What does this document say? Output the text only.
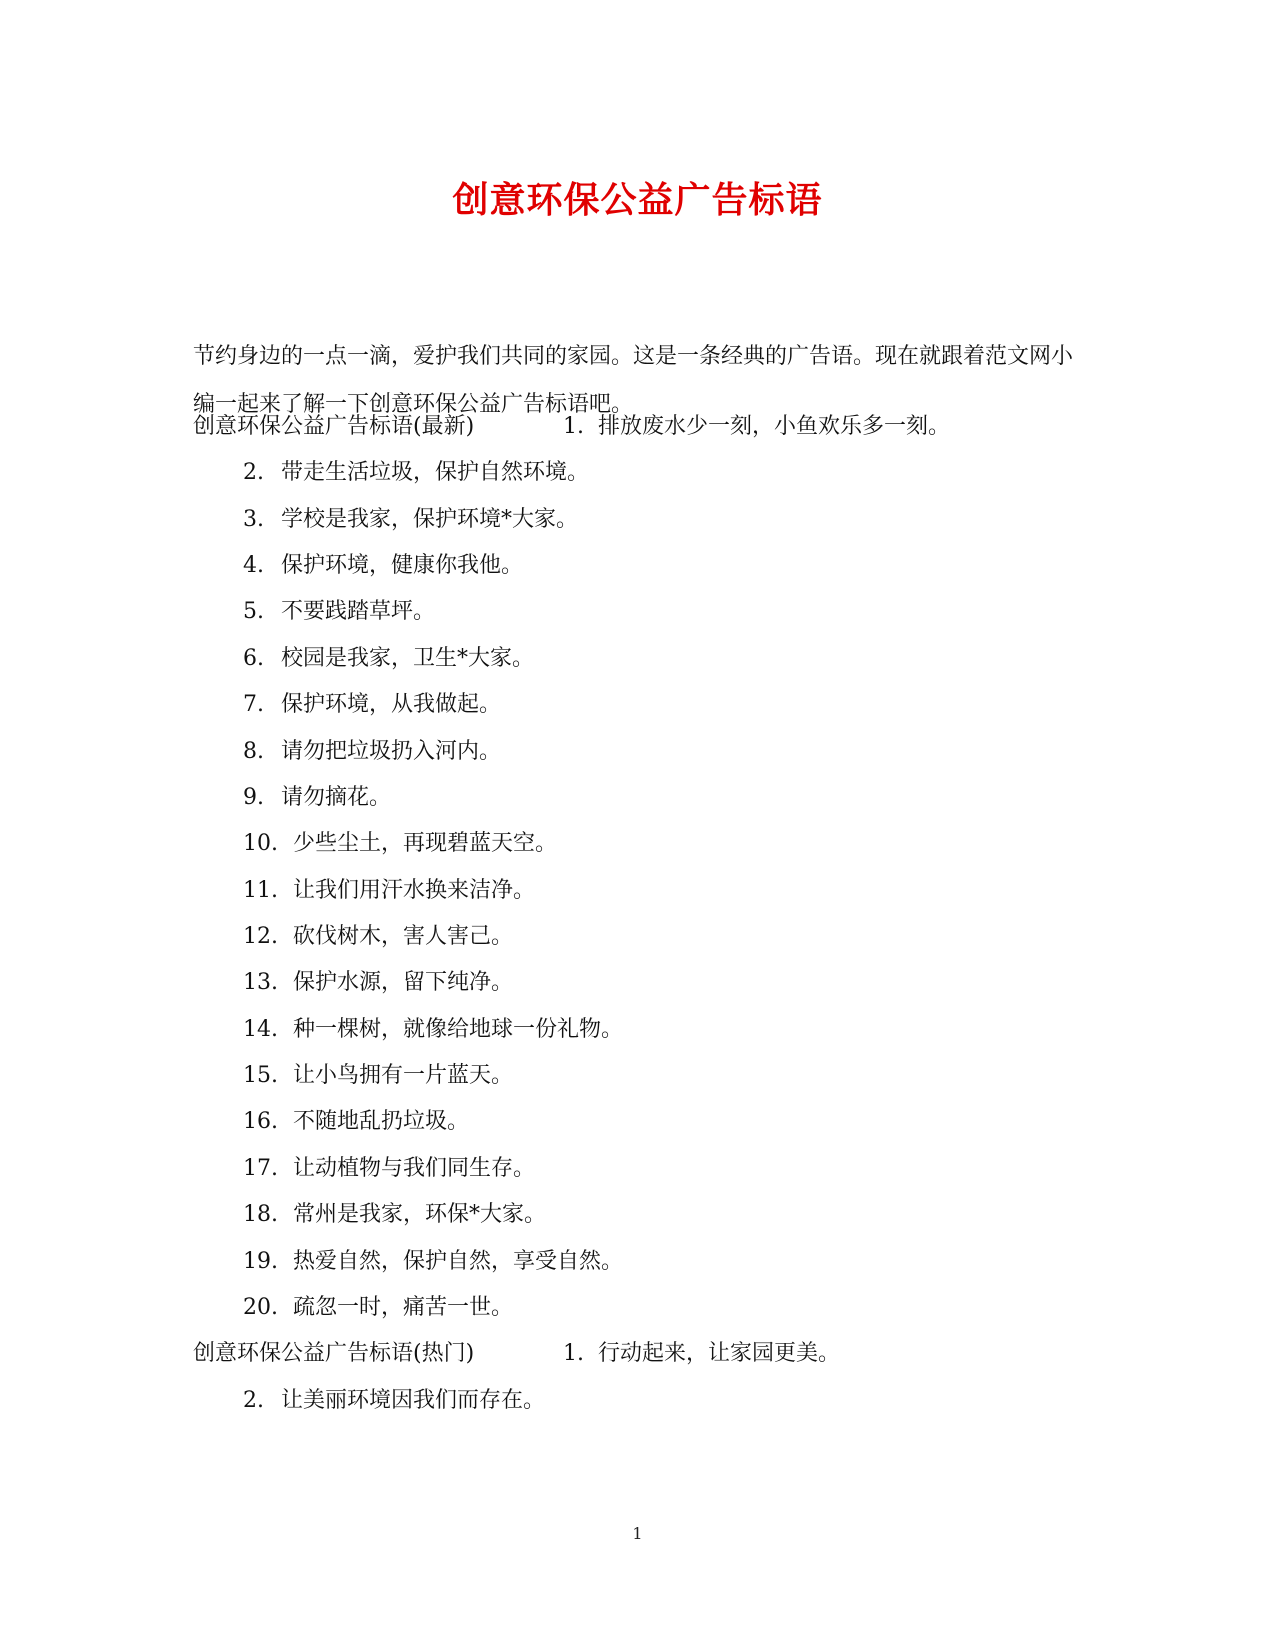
创意环保公益广告标语
节约身边的一点一滴，爱护我们共同的家园。这是一条经典的广告语。现在就跟着范文网小编一起来了解一下创意环保公益广告标语吧。
创意环保公益广告标语(最新)	1. 排放废水少一刻，小鱼欢乐多一刻。
2. 带走生活垃圾，保护自然环境。
3. 学校是我家，保护环境*大家。
4. 保护环境，健康你我他。
5. 不要践踏草坪。
6. 校园是我家，卫生*大家。
7. 保护环境，从我做起。
8. 请勿把垃圾扔入河内。
9. 请勿摘花。
10. 少些尘土，再现碧蓝天空。
11. 让我们用汗水换来洁净。
12. 砍伐树木，害人害己。
13. 保护水源，留下纯净。
14. 种一棵树，就像给地球一份礼物。
15. 让小鸟拥有一片蓝天。
16. 不随地乱扔垃圾。
17. 让动植物与我们同生存。
18. 常州是我家，环保*大家。
19. 热爱自然，保护自然，享受自然。
20. 疏忽一时，痛苦一世。
创意环保公益广告标语(热门)	1. 行动起来，让家园更美。
2. 让美丽环境因我们而存在。
1
